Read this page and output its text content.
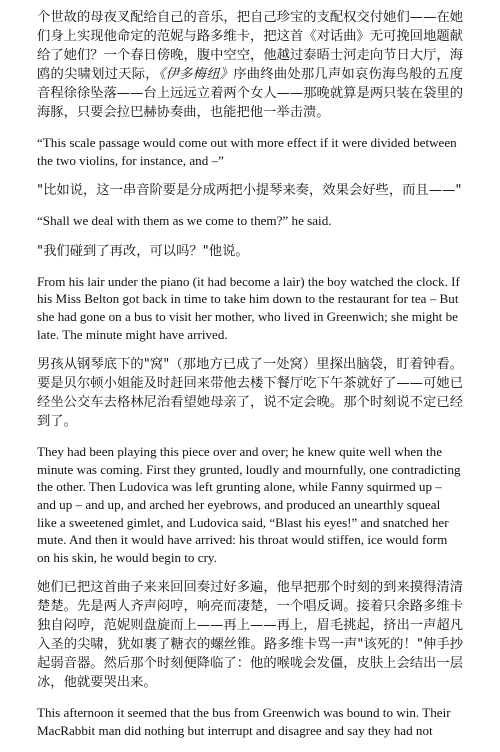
个世故的母夜叉配给自己的音乐，把自己珍宝的支配权交付她们——在她们身上实现他命定的范妮与路多维卡，把这首《对话曲》无可挽回地题献给了她们？一个春日傍晚，腹中空空，他越过泰晤士河走向节日大厅，海鸥的尖啸划过天际，《伊多梅纽》序曲终曲处那几声如哀伤海鸟般的五度音程徐徐坠落——台上远远立着两个女人——那晚就算是两只装在袋里的海豚，只要会拉巴赫协奏曲，也能把他一举击溃。

“This scale passage would come out with more effect if it were divided between the two violins, for instance, and –”

"比如说，这一串音阶要是分成两把小提琴来奏，效果会好些，而且——"

“Shall we deal with them as we come to them?” he said.

"我们碰到了再改，可以吗？"他说。

From his lair under the piano (it had become a lair) the boy watched the clock. If his Miss Belton got back in time to take him down to the restaurant for tea – But she had gone on a bus to visit her mother, who lived in Greenwich; she might be late. The minute might have arrived.

男孩从钢琴底下的"窝"（那地方已成了一处窝）里探出脑袋，盯着钟看。要是贝尔顿小姐能及时赶回来带他去楼下餐厅吃下午茶就好了——可她已经坐公交车去格林尼治看望她母亲了，说不定会晚。那个时刻说不定已经到了。

They had been playing this piece over and over; he knew quite well when the minute was coming. First they grunted, loudly and mournfully, one contradicting the other. Then Ludovica was left grunting alone, while Fanny squirmed up – and up – and up, and arched her eyebrows, and produced an unearthly squeal like a sweetened gimlet, and Ludovica said, “Blast his eyes!” and snatched her mute. And then it would have arrived: his throat would stiffen, ice would form on his skin, he would begin to cry.

她们已把这首曲子来来回回奏过好多遍，他早把那个时刻的到来摸得清清楚楚。先是两人齐声闷哼，响亮而凄楚，一个唱反调。接着只余路多维卡独自闷哼，范妮则盘旋而上——再上——再上，眉毛挑起，挤出一声超凡入圣的尖啸，犹如裹了糖衣的螺丝锥。路多维卡骂一声"该死的！"伸手抄起弱音器。然后那个时刻便降临了：他的喉咙会发僵，皮肤上会结出一层冰，他就要哭出来。

This afternoon it seemed that the bus from Greenwich was bound to win. Their MacRabbit man did nothing but interrupt and disagree and say they had not
